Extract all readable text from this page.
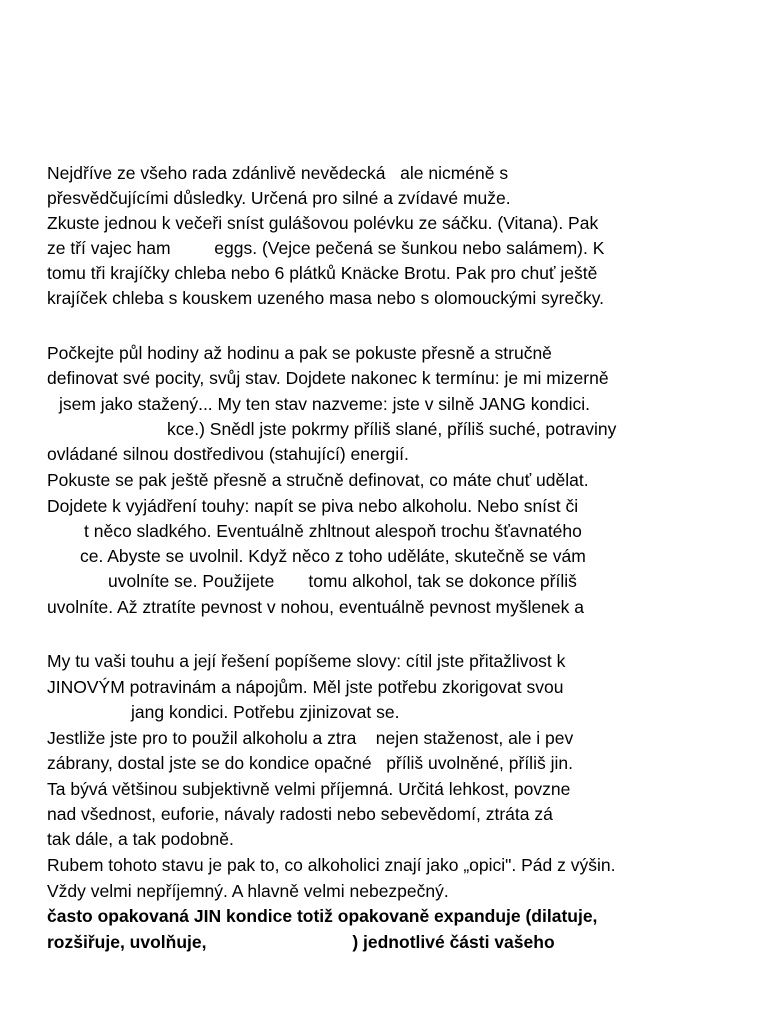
Nejdříve ze všeho rada zdánlivě nevědecká   ale nicméně s
přesvědčujícími důsledky. Určená pro silné a zvídavé muže.
Zkuste jednou k večeři sníst gulášovou polévku ze sáčku. (Vitana). Pak
ze tří vajec ham         eggs. (Vejce pečená se šunkou nebo salámem). K
tomu tři krajíčky chleba nebo 6 plátků Knäcke Brotu. Pak pro chuť ještě
krajíček chleba s kouskem uzeného masa nebo s olomouckými syrečky.
Počkejte půl hodiny až hodinu a pak se pokuste přesně a stručně
definovat své pocity, svůj stav. Dojdete nakonec k termínu: je mi mizerně
jsem jako stažený... My ten stav nazveme: jste v silně JANG kondici.
kce.) Snědl jste pokrmy příliš slané, příliš suché, potraviny
ovládané silnou dostředivou (stahující) energií.
Pokuste se pak ještě přesně a stručně definovat, co máte chuť udělat.
Dojdete k vyjádření touhy: napít se piva nebo alkoholu. Nebo sníst či
t něco sladkého. Eventuálně zhltnout alespoň trochu šťavnatého
ce. Abyste se uvolnil. Když něco z toho uděláte, skutečně se vám
uvolníte se. Použijete       tomu alkohol, tak se dokonce příliš
uvolníte. Až ztratíte pevnost v nohou, eventuálně pevnost myšlenek a
My tu vaši touhu a její řešení popíšeme slovy: cítil jste přitažlivost k
JINOVÝM potravinám a nápojům. Měl jste potřebu zkorigovat svou
jang kondici. Potřebu zjinizovat se.
Jestliže jste pro to použil alkoholu a ztra    nejen staženost, ale i pev
zábrany, dostal jste se do kondice opačné   příliš uvolněné, příliš jin.
Ta bývá většinou subjektivně velmi příjemná. Určitá lehkost, povzne
nad všednost, euforie, návaly radosti nebo sebevědomí, ztráta zá
tak dále, a tak podobně.
Rubem tohoto stavu je pak to, co alkoholici znají jako „opici". Pád z výšin.
Vždy velmi nepříjemný. A hlavně velmi nebezpečný.
často opakovaná JIN kondice totiž opakovaně expanduje (dilatuje,
rozšiřuje, uvolňuje,                              ) jednotlivé části vašeho
